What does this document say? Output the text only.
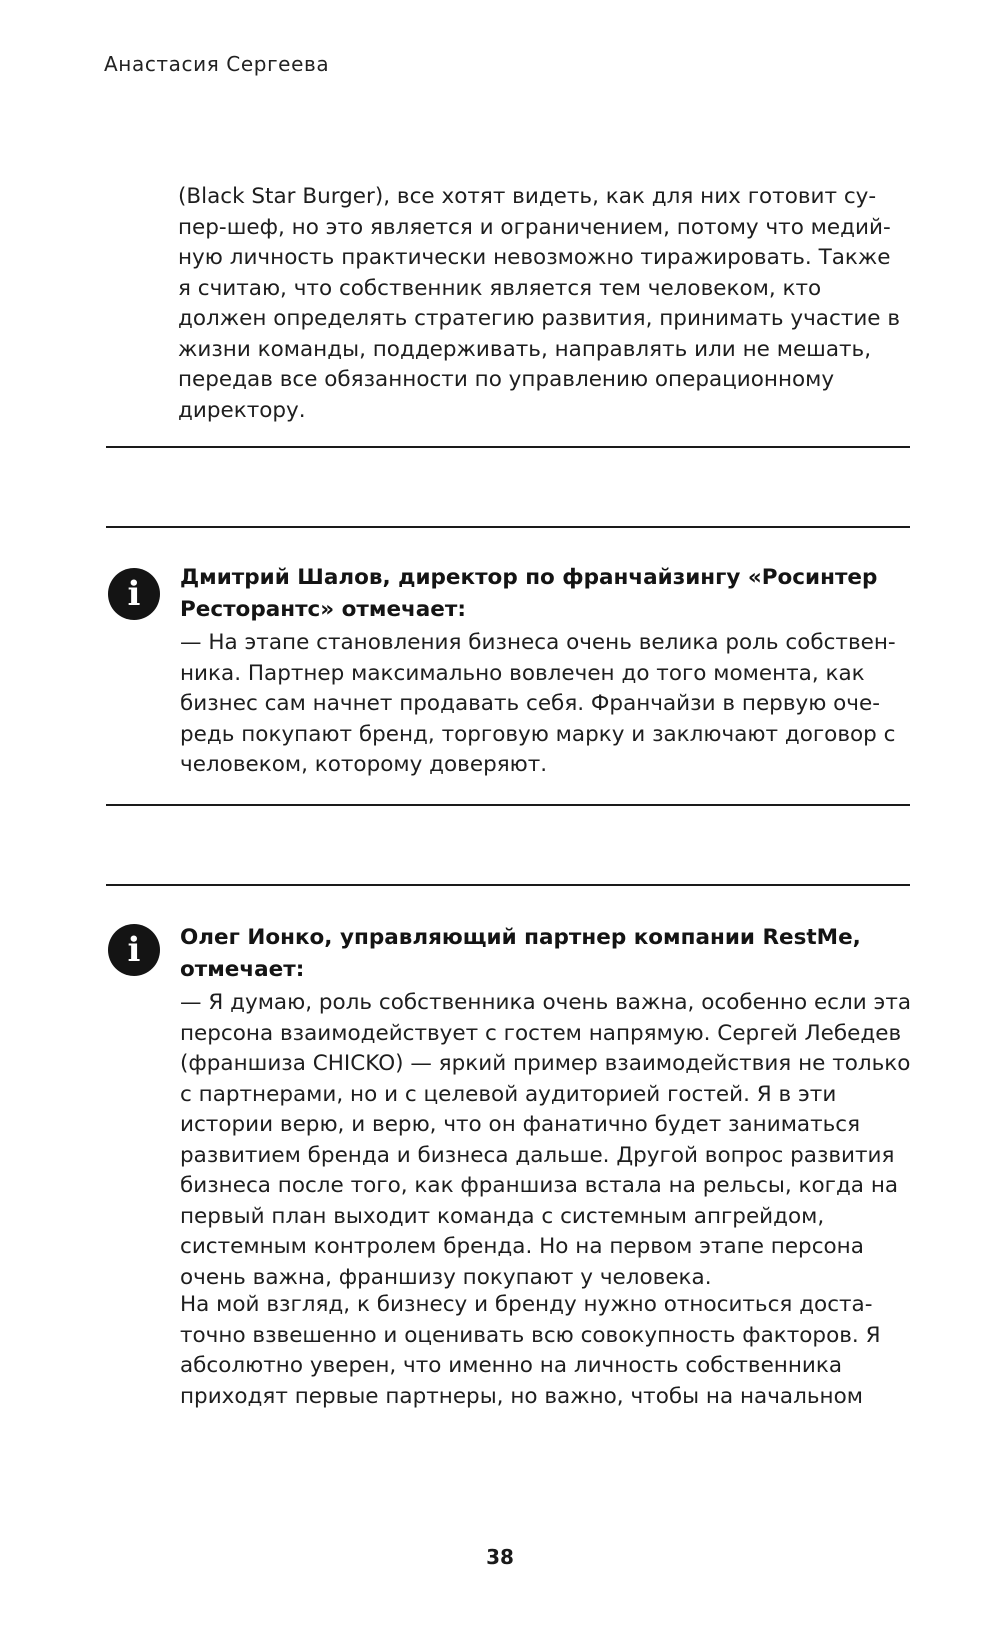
Анастасия Сергеева

(Black Star Burger), все хотят видеть, как для них готовит супер-шеф, но это является и ограничением, потому что медийную личность практически невозможно тиражировать. Также я считаю, что собственник является тем человеком, кто должен определять стратегию развития, принимать участие в жизни команды, поддерживать, направлять или не мешать, передав все обязанности по управлению операционному директору.

i	Дмитрий Шалов, директор по франчайзингу «Росинтер Ресторантс» отмечает:

— На этапе становления бизнеса очень велика роль собственника. Партнер максимально вовлечен до того момента, как бизнес сам начнет продавать себя. Франчайзи в первую очередь покупают бренд, торговую марку и заключают договор с человеком, которому доверяют.

i	Олег Ионко, управляющий партнер компании RestMe, отмечает:

— Я думаю, роль собственника очень важна, особенно если эта персона взаимодействует с гостем напрямую. Сергей Лебедев (франшиза CHICKO) — яркий пример взаимодействия не только с партнерами, но и с целевой аудиторией гостей. Я в эти истории верю, и верю, что он фанатично будет заниматься развитием бренда и бизнеса дальше. Другой вопрос развития бизнеса после того, как франшиза встала на рельсы, когда на первый план выходит команда с системным апгрейдом, системным контролем бренда. Но на первом этапе персона очень важна, франшизу покупают у человека.

На мой взгляд, к бизнесу и бренду нужно относиться достаточно взвешенно и оценивать всю совокупность факторов. Я абсолютно уверен, что именно на личность собственника приходят первые партнеры, но важно, чтобы на начальном

38
